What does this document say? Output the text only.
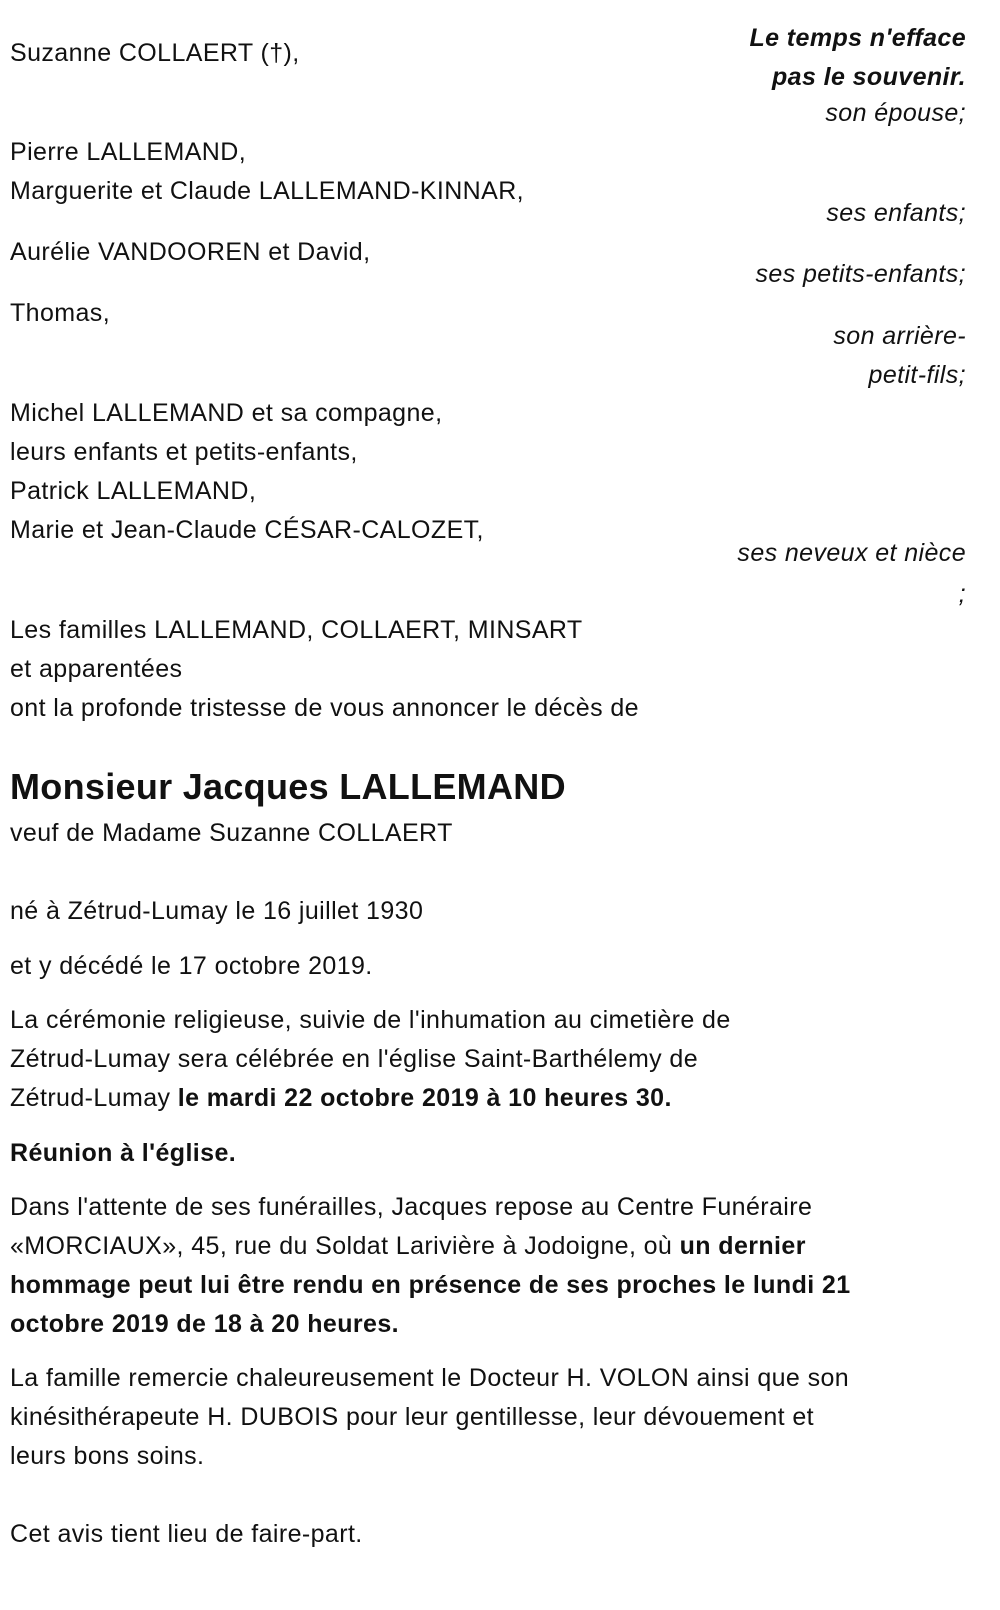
Le temps n'efface
pas le souvenir.
son épouse;
ses enfants;
ses petits-enfants;
son arrière-
petit-fils;
ses neveux et nièce
;
Suzanne COLLAERT (†),
Pierre LALLEMAND,
Marguerite et Claude LALLEMAND-KINNAR,
Aurélie VANDOOREN et David,
Thomas,
Michel LALLEMAND et sa compagne,
leurs enfants et petits-enfants,
Patrick LALLEMAND,
Marie et Jean-Claude CÉSAR-CALOZET,
Les familles LALLEMAND, COLLAERT, MINSART
et apparentées
ont la profonde tristesse de vous annoncer le décès de
Monsieur Jacques LALLEMAND
veuf de Madame Suzanne COLLAERT
né à Zétrud-Lumay le 16 juillet 1930
et y décédé le 17 octobre 2019.
La cérémonie religieuse, suivie de l'inhumation au cimetière de
Zétrud-Lumay sera célébrée en l'église Saint-Barthélemy de
Zétrud-Lumay le mardi 22 octobre 2019 à 10 heures 30.
Réunion à l'église.
Dans l'attente de ses funérailles, Jacques repose au Centre Funéraire
«MORCIAUX», 45, rue du Soldat Larivière à Jodoigne, où un dernier
hommage peut lui être rendu en présence de ses proches le lundi 21
octobre 2019 de 18 à 20 heures.
La famille remercie chaleureusement le Docteur H. VOLON ainsi que son
kinésithérapeute H. DUBOIS pour leur gentillesse, leur dévouement et
leurs bons soins.
Cet avis tient lieu de faire-part.
